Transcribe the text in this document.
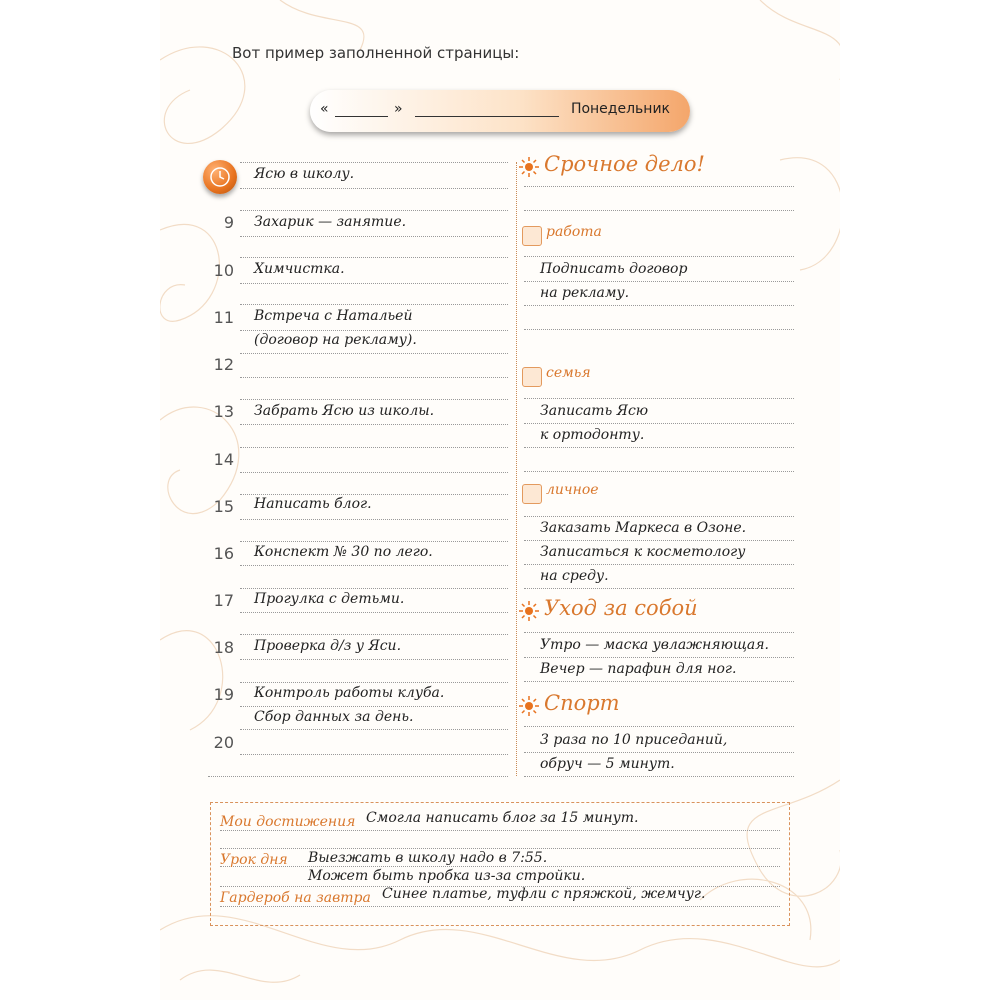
Вот пример заполненной страницы:
«	»	Понедельник
9
10
11
12
13
14
15
16
17
18
19
20
Ясю в школу.
Захарик — занятие.
Химчистка.
Встреча с Натальей
(договор на рекламу).
Забрать Ясю из школы.
Написать блог.
Конспект № 30 по лего.
Прогулка с детьми.
Проверка д/з у Яси.
Контроль работы клуба.
Сбор данных за день.
Срочное дело!
работа
Подписать договор
на рекламу.
семья
Записать Ясю
к ортодонту.
личное
Заказать Маркеса в Озоне.
Записаться к косметологу
на среду.
Уход за собой
Утро — маска увлажняющая.
Вечер — парафин для ног.
Спорт
3 раза по 10 приседаний,
обруч — 5 минут.
Мои достижения Смогла написать блог за 15 минут.
Урок дня Выезжать в школу надо в 7:55.
Может быть пробка из-за стройки.
Гардероб на завтра Синее платье, туфли с пряжкой, жемчуг.
